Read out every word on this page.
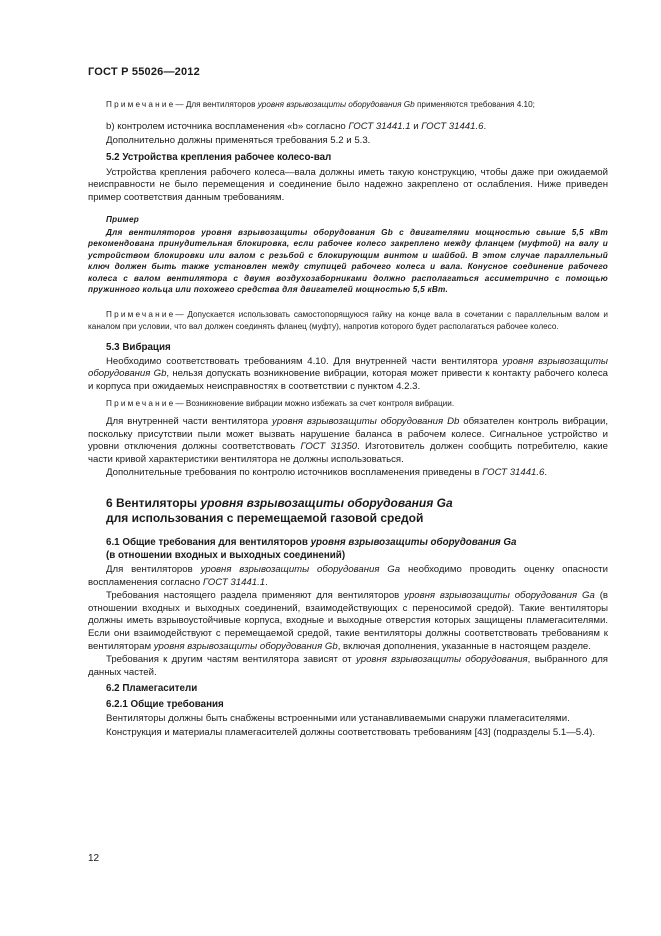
ГОСТ Р 55026—2012

Примечание— Для вентиляторов уровня взрывозащиты оборудования Gb применяются требования 4.10;

b) контролем источника воспламенения «b» согласно ГОСТ 31441.1 и ГОСТ 31441.6.

Дополнительно должны применяться требования 5.2 и 5.3.

5.2 Устройства крепления рабочее колесо-вал

Устройства крепления рабочего колеса—вала должны иметь такую конструкцию, чтобы даже при ожидаемой неисправности не было перемещения и соединение было надежно закреплено от ослабления. Ниже приведен пример соответствия данным требованиям.

Пример

Для вентиляторов уровня взрывозащиты оборудования Gb с двигателями мощностью свыше 5,5 кВт рекомендована принудительная блокировка, если рабочее колесо закреплено между фланцем (муфтой) на валу и устройством блокировки или валом с резьбой с блокирующим винтом и шайбой. В этом случае параллельный ключ должен быть также установлен между ступицей рабочего колеса и вала. Конусное соединение рабочего колеса с валом вентилятора с двумя воздухозаборниками должно располагаться ассиметрично с помощью пружинного кольца или похожего средства для двигателей мощностью 5,5 кВт.

Примечание— Допускается использовать самостопорящуюся гайку на конце вала в сочетании с параллельным валом и каналом при условии, что вал должен соединять фланец (муфту), напротив которого будет располагаться рабочее колесо.

5.3 Вибрация

Необходимо соответствовать требованиям 4.10. Для внутренней части вентилятора уровня взрывозащиты оборудования Gb, нельзя допускать возникновение вибрации, которая может привести к контакту рабочего колеса и корпуса при ожидаемых неисправностях в соответствии с пунктом 4.2.3.

Примечание— Возникновение вибрации можно избежать за счет контроля вибрации.

Для внутренней части вентилятора уровня взрывозащиты оборудования Db обязателен контроль вибрации, поскольку присутствии пыли может вызвать нарушение баланса в рабочем колесе. Сигнальное устройство и уровни отключения должны соответствовать ГОСТ 31350. Изготовитель должен сообщить потребителю, какие части кривой характеристики вентилятора не должны использоваться.

Дополнительные требования по контролю источников воспламенения приведены в ГОСТ 31441.6.

6 Вентиляторы уровня взрывозащиты оборудования Ga
для использования с перемещаемой газовой средой

6.1 Общие требования для вентиляторов уровня взрывозащиты оборудования Ga
(в отношении входных и выходных соединений)

Для вентиляторов уровня взрывозащиты оборудования Ga необходимо проводить оценку опасности воспламенения согласно ГОСТ 31441.1.

Требования настоящего раздела применяют для вентиляторов уровня взрывозащиты оборудования Ga (в отношении входных и выходных соединений, взаимодействующих с переносимой средой). Такие вентиляторы должны иметь взрывоустойчивые корпуса, входные и выходные отверстия которых защищены пламегасителями. Если они взаимодействуют с перемещаемой средой, такие вентиляторы должны соответствовать требованиям к вентиляторам уровня взрывозащиты оборудования Gb, включая дополнения, указанные в настоящем разделе.

Требования к другим частям вентилятора зависят от уровня взрывозащиты оборудования, выбранного для данных частей.

6.2 Пламегасители

6.2.1 Общие требования

Вентиляторы должны быть снабжены встроенными или устанавливаемыми снаружи пламегасителями.

Конструкция и материалы пламегасителей должны соответствовать требованиям [43] (подразделы 5.1—5.4).

12
